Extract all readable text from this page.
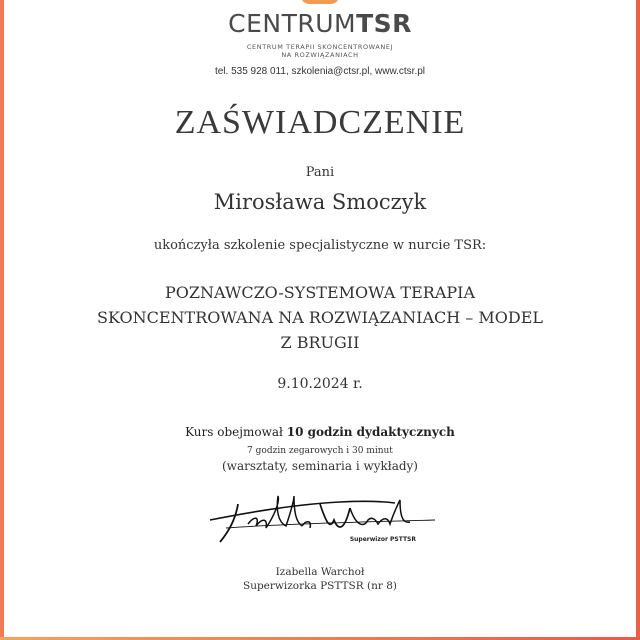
CENTRUMTSR
CENTRUM TERAPII SKONCENTROWANEJ
NA ROZWIĄZANIACH
tel. 535 928 011, szkolenia@ctsr.pl, www.ctsr.pl
ZAŚWIADCZENIE
Pani
Mirosława Smoczyk
ukończyła szkolenie specjalistyczne w nurcie TSR:
POZNAWCZO-SYSTEMOWA TERAPIA
SKONCENTROWANA NA ROZWIĄZANIACH – MODEL
Z BRUGII
9.10.2024 r.
Kurs obejmował 10 godzin dydaktycznych
7 godzin zegarowych i 30 minut
(warsztaty, seminaria i wykłady)
Superwizor PSTTSR
Izabella Warchoł
Superwizorka PSTTSR (nr 8)
